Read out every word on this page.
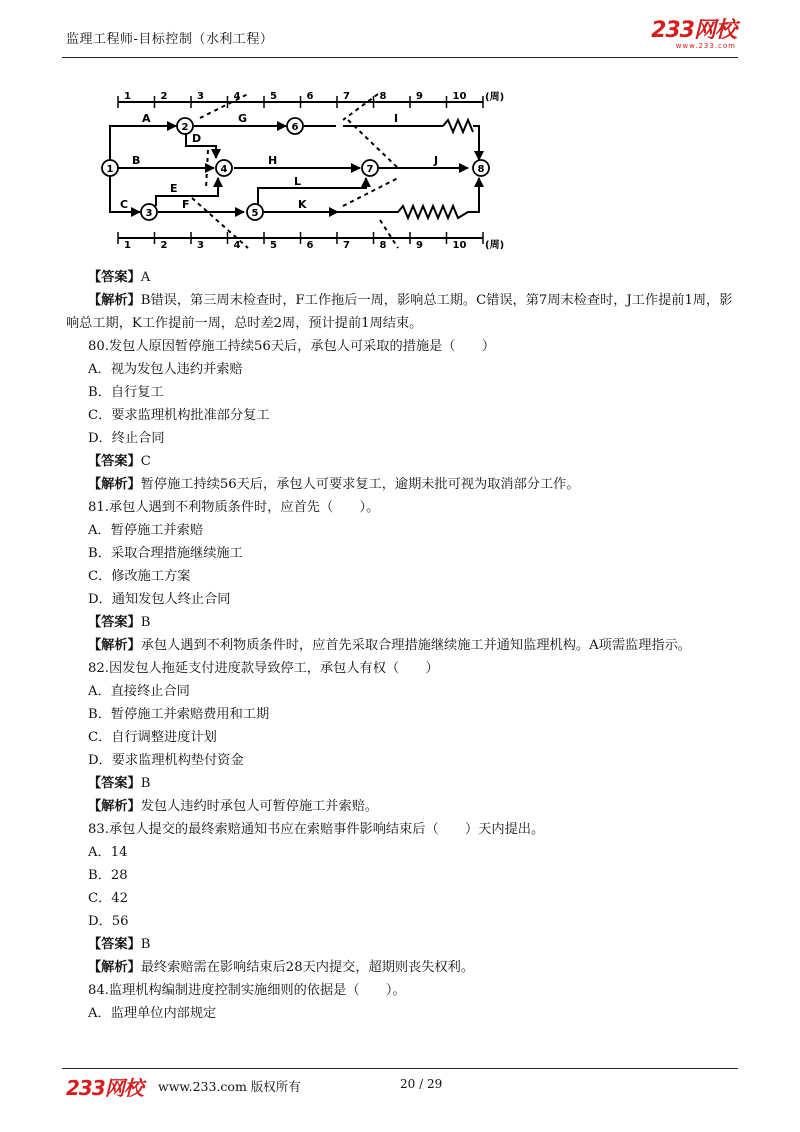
监理工程师-目标控制（水利工程）	233网校
www.233.com
1	2	3	4	5	6	7	8	9	10
1	2	3	4	5	6	7	8	9	10
(周)
(周)
1
2
3
4
5
6
7	8
A
B
C
D
E
F
G
H
I
J
K
L
【答案】A
【解析】B错误，第三周末检查时，F工作拖后一周，影响总工期。C错误，第7周末检查时，J工作提前1周，影响总工期，K工作提前一周，总时差2周，预计提前1周结束。
80.发包人原因暂停施工持续56天后，承包人可采取的措施是（　　）
A．视为发包人违约并索赔
B．自行复工
C．要求监理机构批准部分复工
D．终止合同
【答案】C
【解析】暂停施工持续56天后，承包人可要求复工，逾期未批可视为取消部分工作。
81.承包人遇到不利物质条件时，应首先（　　）。
A．暂停施工并索赔
B．采取合理措施继续施工
C．修改施工方案
D．通知发包人终止合同
【答案】B
【解析】承包人遇到不利物质条件时，应首先采取合理措施继续施工并通知监理机构。A项需监理指示。
82.因发包人拖延支付进度款导致停工，承包人有权（　　）
A．直接终止合同
B．暂停施工并索赔费用和工期
C．自行调整进度计划
D．要求监理机构垫付资金
【答案】B
【解析】发包人违约时承包人可暂停施工并索赔。
83.承包人提交的最终索赔通知书应在索赔事件影响结束后（　　）天内提出。
A．14
B．28
C．42
D．56
【答案】B
【解析】最终索赔需在影响结束后28天内提交，超期则丧失权利。
84.监理机构编制进度控制实施细则的依据是（　　）。
A．监理单位内部规定
233网校 www.233.com 版权所有	20 / 29
